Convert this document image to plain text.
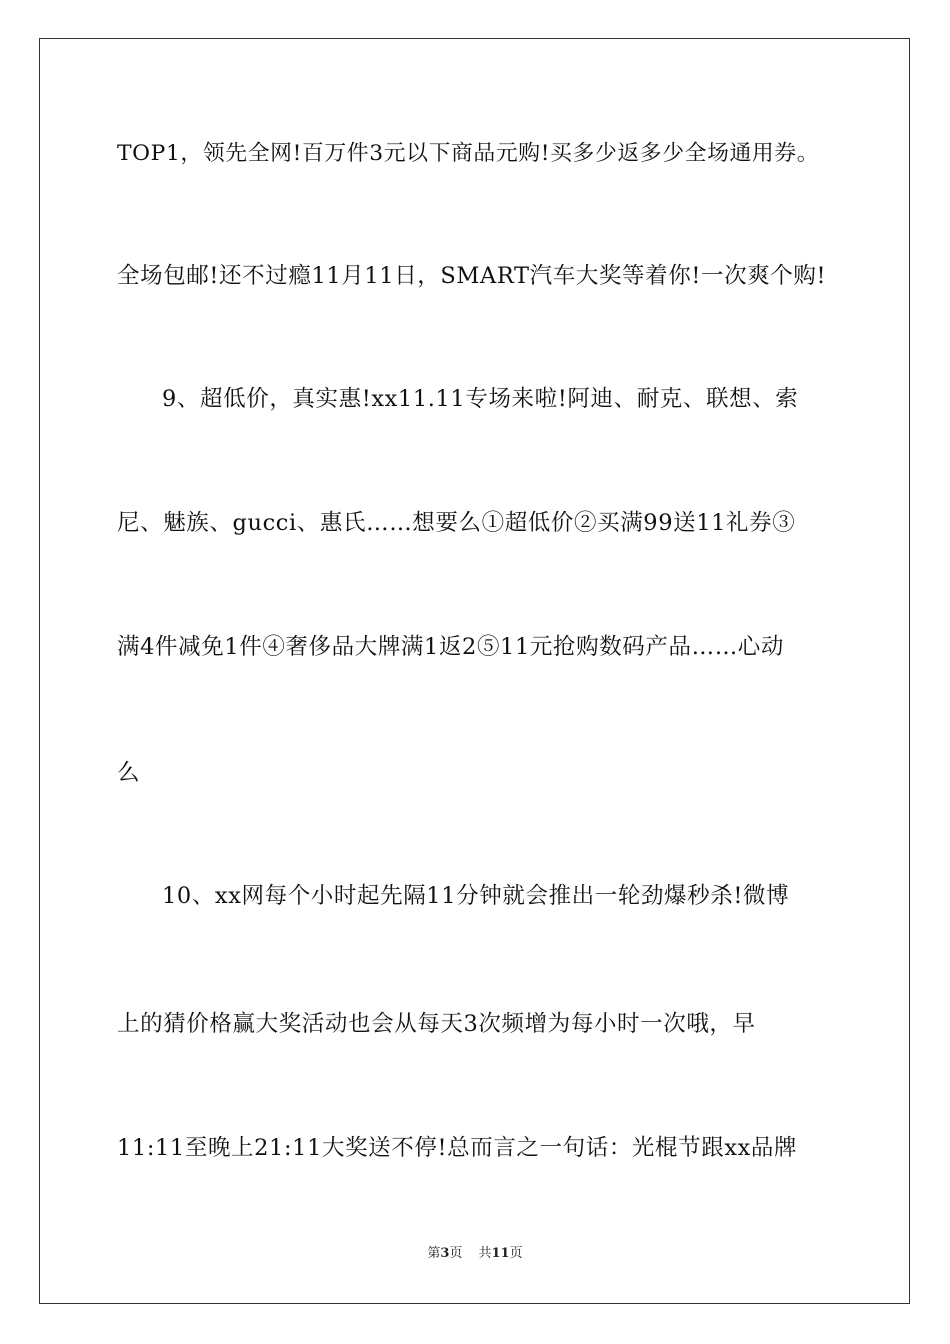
TOP1，领先全网!百万件3元以下商品元购!买多少返多少全场通用券。
全场包邮!还不过瘾11月11日，SMART汽车大奖等着你!一次爽个购!
9、超低价，真实惠!xx11.11专场来啦!阿迪、耐克、联想、索
尼、魅族、gucci、惠氏……想要么①超低价②买满99送11礼券③
满4件减免1件④奢侈品大牌满1返2⑤11元抢购数码产品……心动
么
10、xx网每个小时起先隔11分钟就会推出一轮劲爆秒杀!微博
上的猜价格赢大奖活动也会从每天3次频增为每小时一次哦，早
11:11至晚上21:11大奖送不停!总而言之一句话：光棍节跟xx品牌
第3页 共11页
